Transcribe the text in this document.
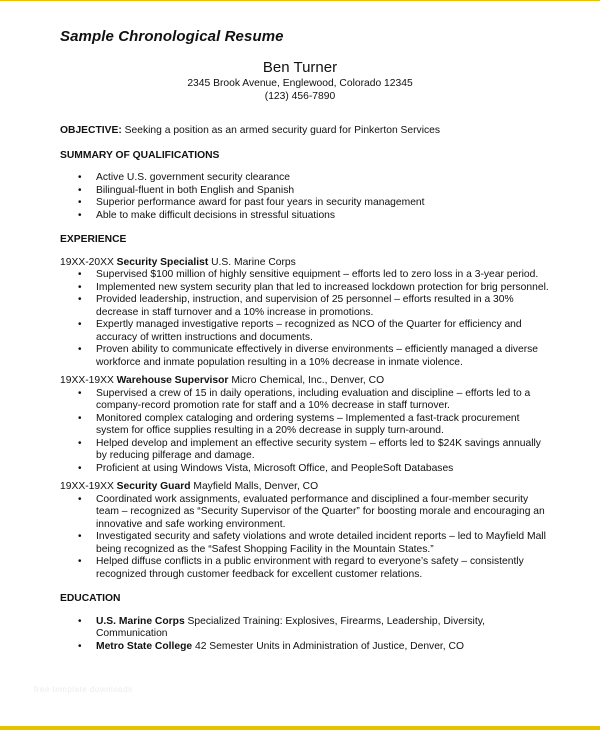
Sample Chronological Resume
Ben Turner
2345 Brook Avenue, Englewood, Colorado 12345
(123) 456-7890
OBJECTIVE: Seeking a position as an armed security guard for Pinkerton Services
SUMMARY OF QUALIFICATIONS
• Active U.S. government security clearance
• Bilingual-fluent in both English and Spanish
• Superior performance award for past four years in security management
• Able to make difficult decisions in stressful situations
EXPERIENCE
19XX-20XX Security Specialist U.S. Marine Corps
• Supervised $100 million of highly sensitive equipment – efforts led to zero loss in a 3-year period.
• Implemented new system security plan that led to increased lockdown protection for brig personnel.
• Provided leadership, instruction, and supervision of 25 personnel – efforts resulted in a 30% decrease in staff turnover and a 10% increase in promotions.
• Expertly managed investigative reports – recognized as NCO of the Quarter for efficiency and accuracy of written instructions and documents.
• Proven ability to communicate effectively in diverse environments – efficiently managed a diverse workforce and inmate population resulting in a 10% decrease in inmate violence.
19XX-19XX Warehouse Supervisor Micro Chemical, Inc., Denver, CO
• Supervised a crew of 15 in daily operations, including evaluation and discipline – efforts led to a company-record promotion rate for staff and a 10% decrease in staff turnover.
• Monitored complex cataloging and ordering systems – Implemented a fast-track procurement system for office supplies resulting in a 20% decrease in supply turn-around.
• Helped develop and implement an effective security system – efforts led to $24K savings annually by reducing pilferage and damage.
• Proficient at using Windows Vista, Microsoft Office, and PeopleSoft Databases
19XX-19XX Security Guard Mayfield Malls, Denver, CO
• Coordinated work assignments, evaluated performance and disciplined a four-member security team – recognized as “Security Supervisor of the Quarter” for boosting morale and encouraging an innovative and safe working environment.
• Investigated security and safety violations and wrote detailed incident reports – led to Mayfield Mall being recognized as the “Safest Shopping Facility in the Mountain States.”
• Helped diffuse conflicts in a public environment with regard to everyone’s safety – consistently recognized through customer feedback for excellent customer relations.
EDUCATION
• U.S. Marine Corps Specialized Training: Explosives, Firearms, Leadership, Diversity, Communication
• Metro State College 42 Semester Units in Administration of Justice, Denver, CO
free template downloads
